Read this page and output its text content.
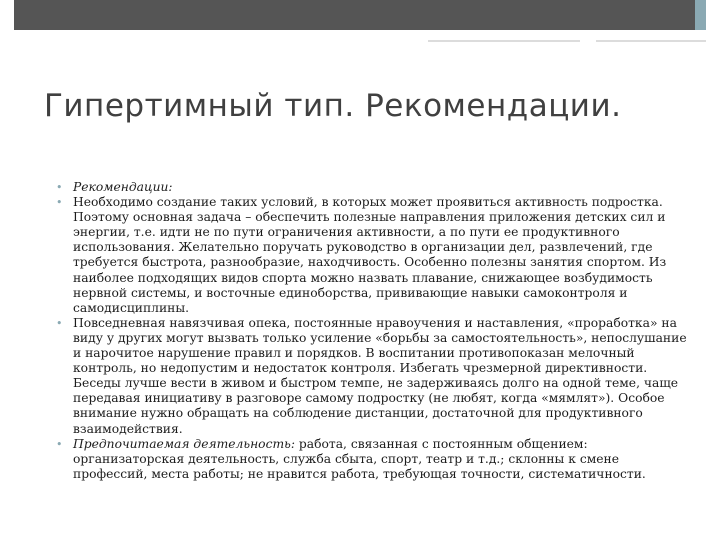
Гипертимный тип. Рекомендации.
• Рекомендации:
• Необходимо создание таких условий, в которых может проявиться активность подростка. Поэтому основная задача – обеспечить полезные направления приложения детских сил и энергии, т.е. идти не по пути ограничения активности, а по пути ее продуктивного использования. Желательно поручать руководство в организации дел, развлечений, где требуется быстрота, разнообразие, находчивость. Особенно полезны занятия спортом. Из наиболее подходящих видов спорта можно назвать плавание, снижающее возбудимость нервной системы, и восточные единоборства, прививающие навыки самоконтроля и самодисциплины.
• Повседневная навязчивая опека, постоянные нравоучения и наставления, «проработка» на виду у других могут вызвать только усиление «борьбы за самостоятельность», непослушание и нарочитое нарушение правил и порядков. В воспитании противопоказан мелочный контроль, но недопустим и недостаток контроля. Избегать чрезмерной директивности. Беседы лучше вести в живом и быстром темпе, не задерживаясь долго на одной теме, чаще передавая инициативу в разговоре самому подростку (не любят, когда «мямлят»). Особое внимание нужно обращать на соблюдение дистанции, достаточной для продуктивного взаимодействия.
• Предпочитаемая деятельность: работа, связанная с постоянным общением: организаторская деятельность, служба сбыта, спорт, театр и т.д.; склонны к смене профессий, места работы; не нравится работа, требующая точности, систематичности.
